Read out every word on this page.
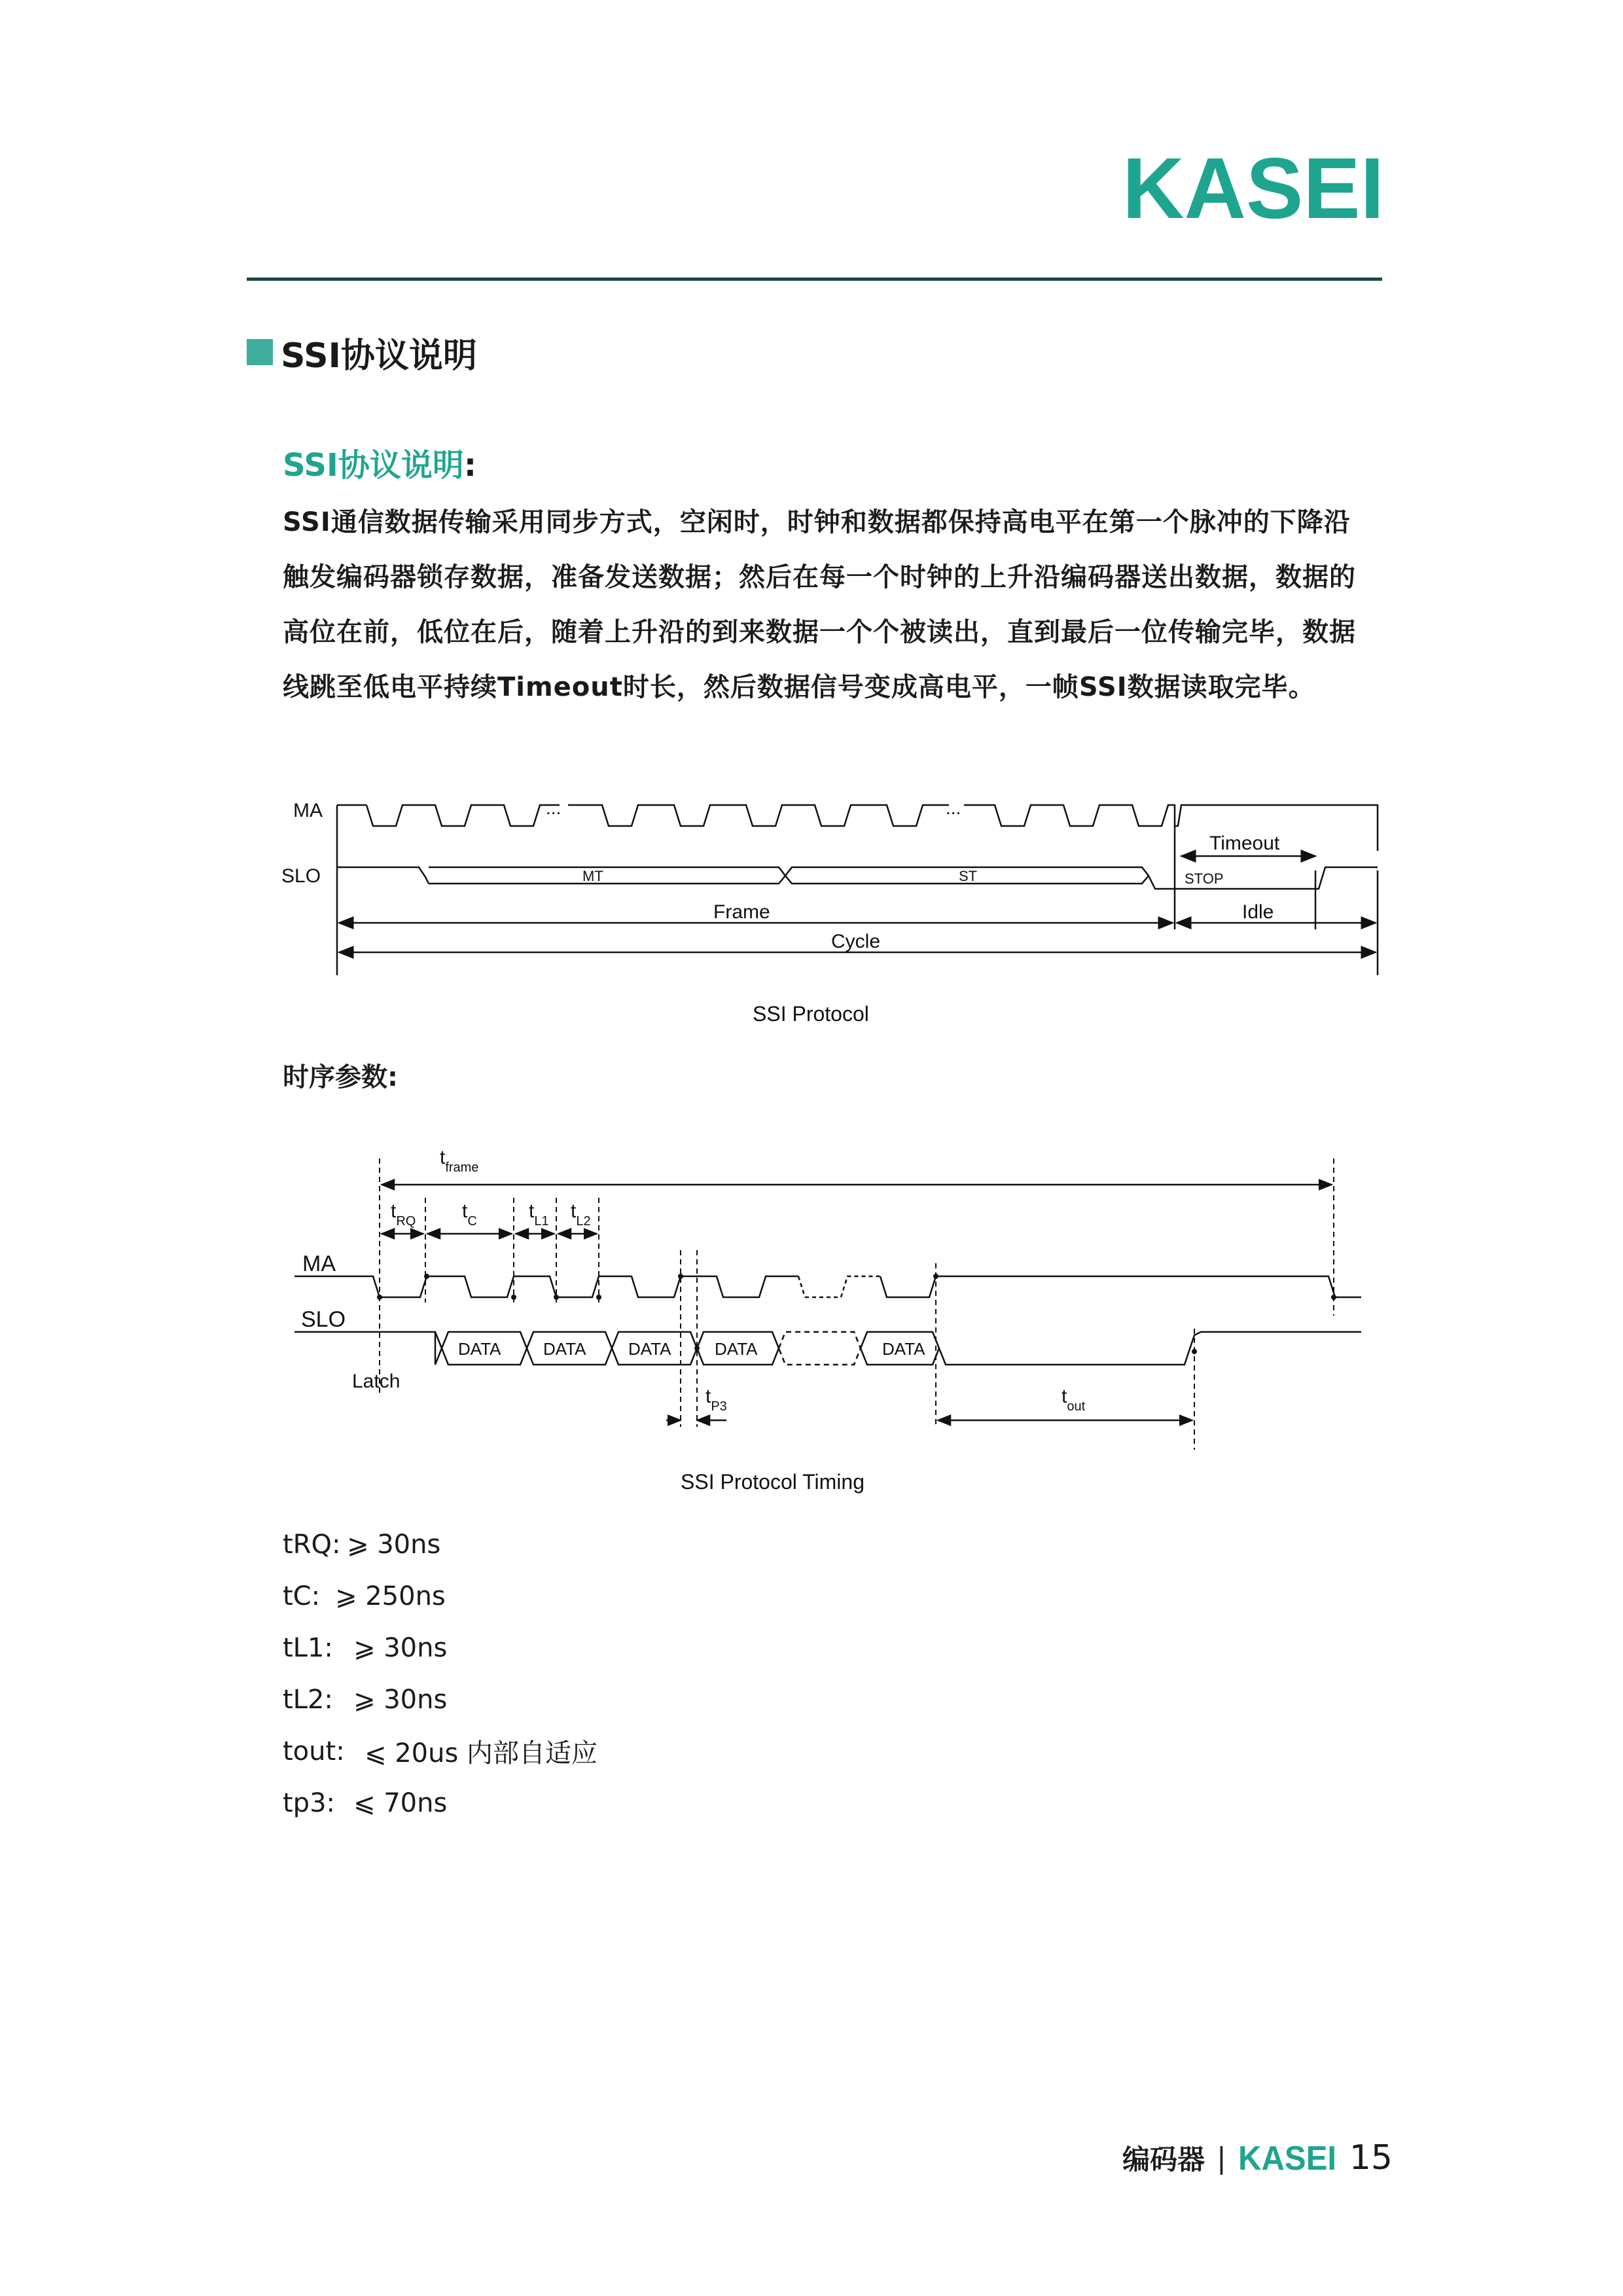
KASEI
SSI协议说明
SSI协议说明:

SSI通信数据传输采用同步方式，空闲时，时钟和数据都保持高电平在第一个脉冲的下降沿

触发编码器锁存数据，准备发送数据；然后在每一个时钟的上升沿编码器送出数据，数据的

高位在前，低位在后，随着上升沿的到来数据一个个被读出，直到最后一位传输完毕，数据

线跳至低电平持续Timeout时长，然后数据信号变成高电平，一帧SSI数据读取完毕。

MA
SLO
...	...
MT	ST	STOP
Timeout
Frame	Idle
Cycle
SSI Protocol
时序参数:
$t_{frame}$
$t_{RQ}$ $t_C$	$t_{L1}$ $t_{L2}$
$t_{P3}$	$t_{out}$
MA
SLO
Latch
DATA DATA DATA	DATA	DATA
SSI Protocol Timing
tRQ: ⩾ 30ns
tC: ⩾ 250ns
tL1: ⩾ 30ns
tL2: ⩾ 30ns
tout: ⩽ 20us 内部自适应
tp3: ⩽ 70ns
编码器 | KASEI 15
